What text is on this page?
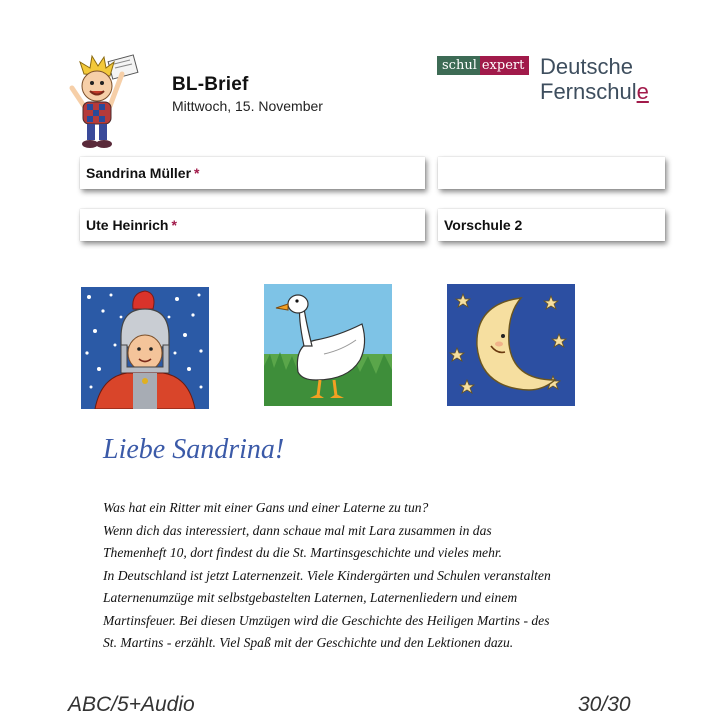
BL-Brief
Mittwoch, 15. November
schul expert Deutsche
Fernschule
Sandrina Müller *
Ute Heinrich *	Vorschule 2
Liebe Sandrina!
Was hat ein Ritter mit einer Gans und einer Laterne zu tun?
Wenn dich das interessiert, dann schaue mal mit Lara zusammen in das
Themenheft 10, dort findest du die St. Martinsgeschichte und vieles mehr.
In Deutschland ist jetzt Laternenzeit. Viele Kindergärten und Schulen veranstalten
Laternenumzüge mit selbstgebastelten Laternen, Laternenliedern und einem
Martinsfeuer. Bei diesen Umzügen wird die Geschichte des Heiligen Martins - des
St. Martins - erzählt. Viel Spaß mit der Geschichte und den Lektionen dazu.
ABC/5+Audio	30/30
